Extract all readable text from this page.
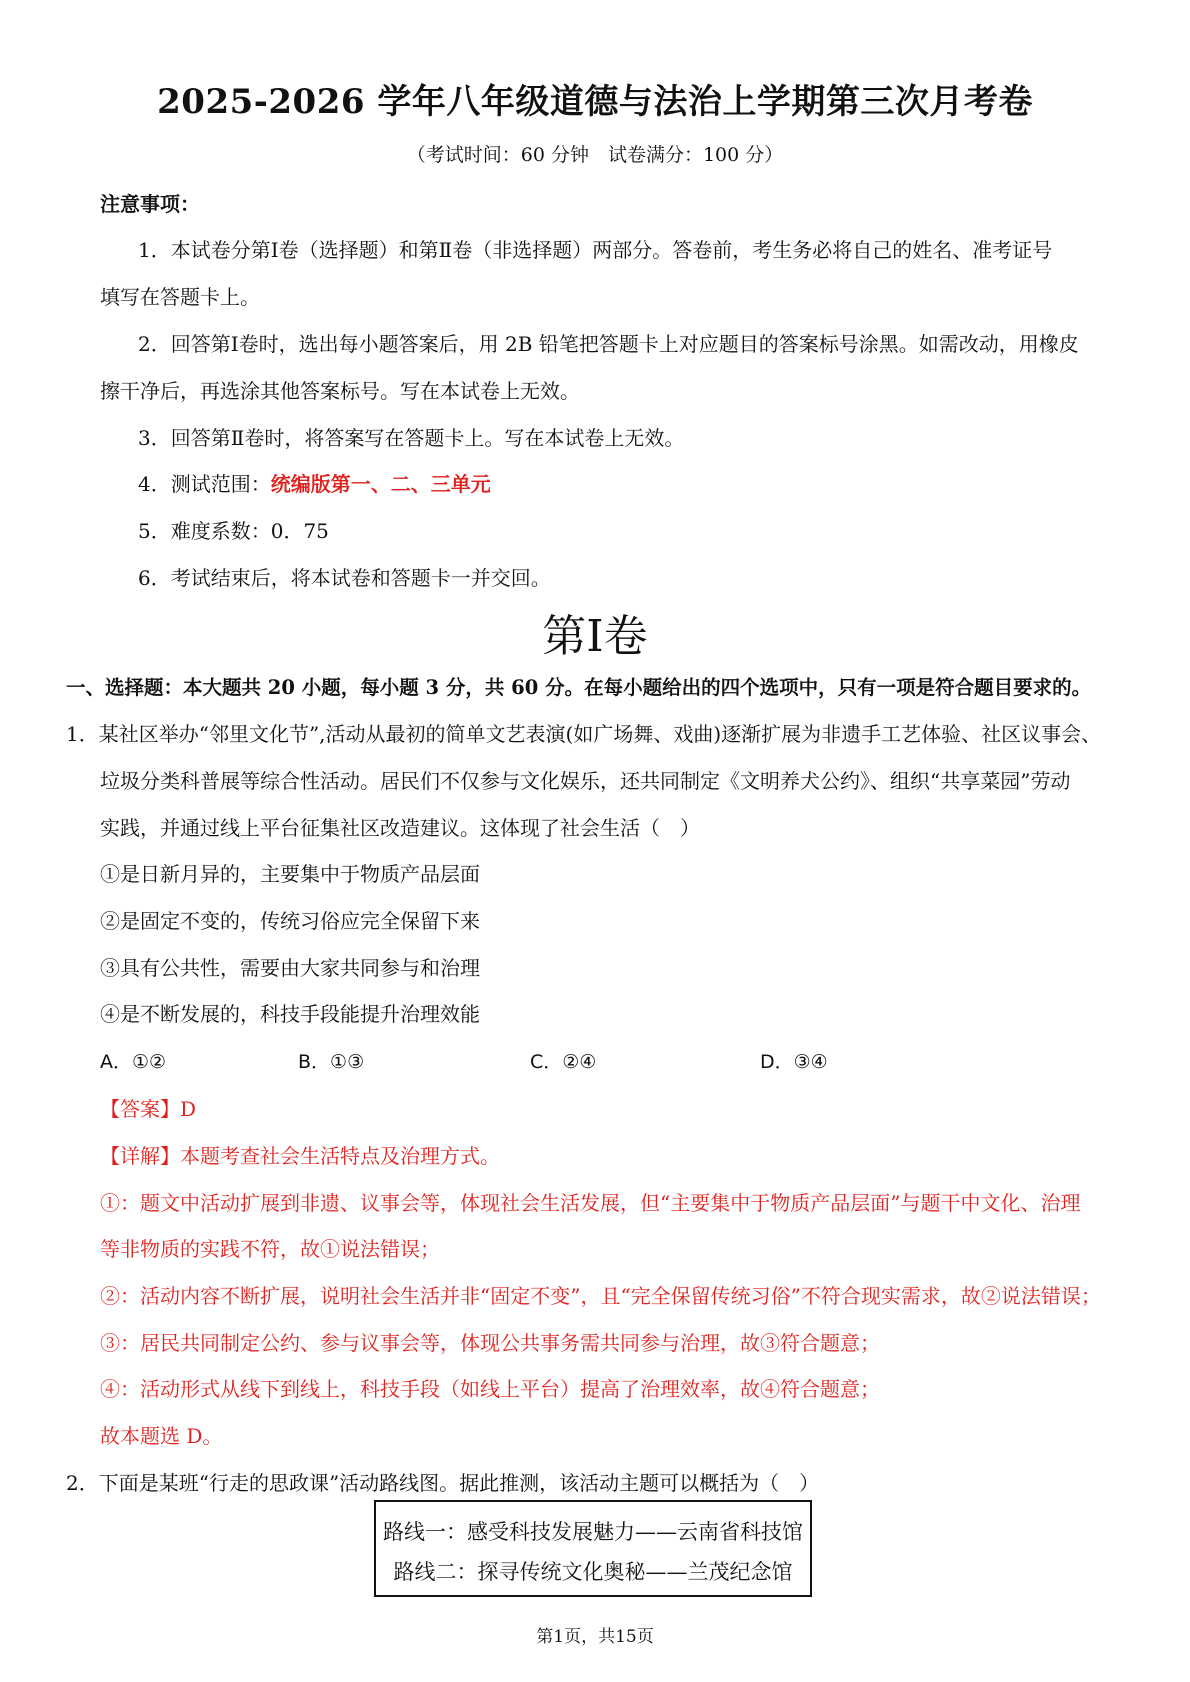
2025-2026 学年八年级道德与法治上学期第三次月考卷
（考试时间：60 分钟　试卷满分：100 分）
注意事项：
1．本试卷分第Ⅰ卷（选择题）和第Ⅱ卷（非选择题）两部分。答卷前，考生务必将自己的姓名、准考证号
填写在答题卡上。
2．回答第Ⅰ卷时，选出每小题答案后，用 2B 铅笔把答题卡上对应题目的答案标号涂黑。如需改动，用橡皮
擦干净后，再选涂其他答案标号。写在本试卷上无效。
3．回答第Ⅱ卷时，将答案写在答题卡上。写在本试卷上无效。
4．测试范围：统编版第一、二、三单元
5．难度系数：0．75
6．考试结束后，将本试卷和答题卡一并交回。
第Ⅰ卷
一、选择题：本大题共 20 小题，每小题 3 分，共 60 分。在每小题给出的四个选项中，只有一项是符合题目要求的。
1．某社区举办“邻里文化节”,活动从最初的简单文艺表演(如广场舞、戏曲)逐渐扩展为非遗手工艺体验、社区议事会、
垃圾分类科普展等综合性活动。居民们不仅参与文化娱乐，还共同制定《文明养犬公约》、组织“共享菜园”劳动
实践，并通过线上平台征集社区改造建议。这体现了社会生活（　）
①是日新月异的，主要集中于物质产品层面
②是固定不变的，传统习俗应完全保留下来
③具有公共性，需要由大家共同参与和治理
④是不断发展的，科技手段能提升治理效能
A．①②	B．①③	C．②④	D．③④
【答案】D
【详解】本题考查社会生活特点及治理方式。
①：题文中活动扩展到非遗、议事会等，体现社会生活发展，但“主要集中于物质产品层面”与题干中文化、治理
等非物质的实践不符，故①说法错误；
②：活动内容不断扩展，说明社会生活并非“固定不变”，且“完全保留传统习俗”不符合现实需求，故②说法错误；
③：居民共同制定公约、参与议事会等，体现公共事务需共同参与治理，故③符合题意；
④：活动形式从线下到线上，科技手段（如线上平台）提高了治理效率，故④符合题意；
故本题选 D。
2．下面是某班“行走的思政课”活动路线图。据此推测，该活动主题可以概括为（　）
路线一：感受科技发展魅力——云南省科技馆
路线二：探寻传统文化奥秘——兰茂纪念馆
第1页，共15页
